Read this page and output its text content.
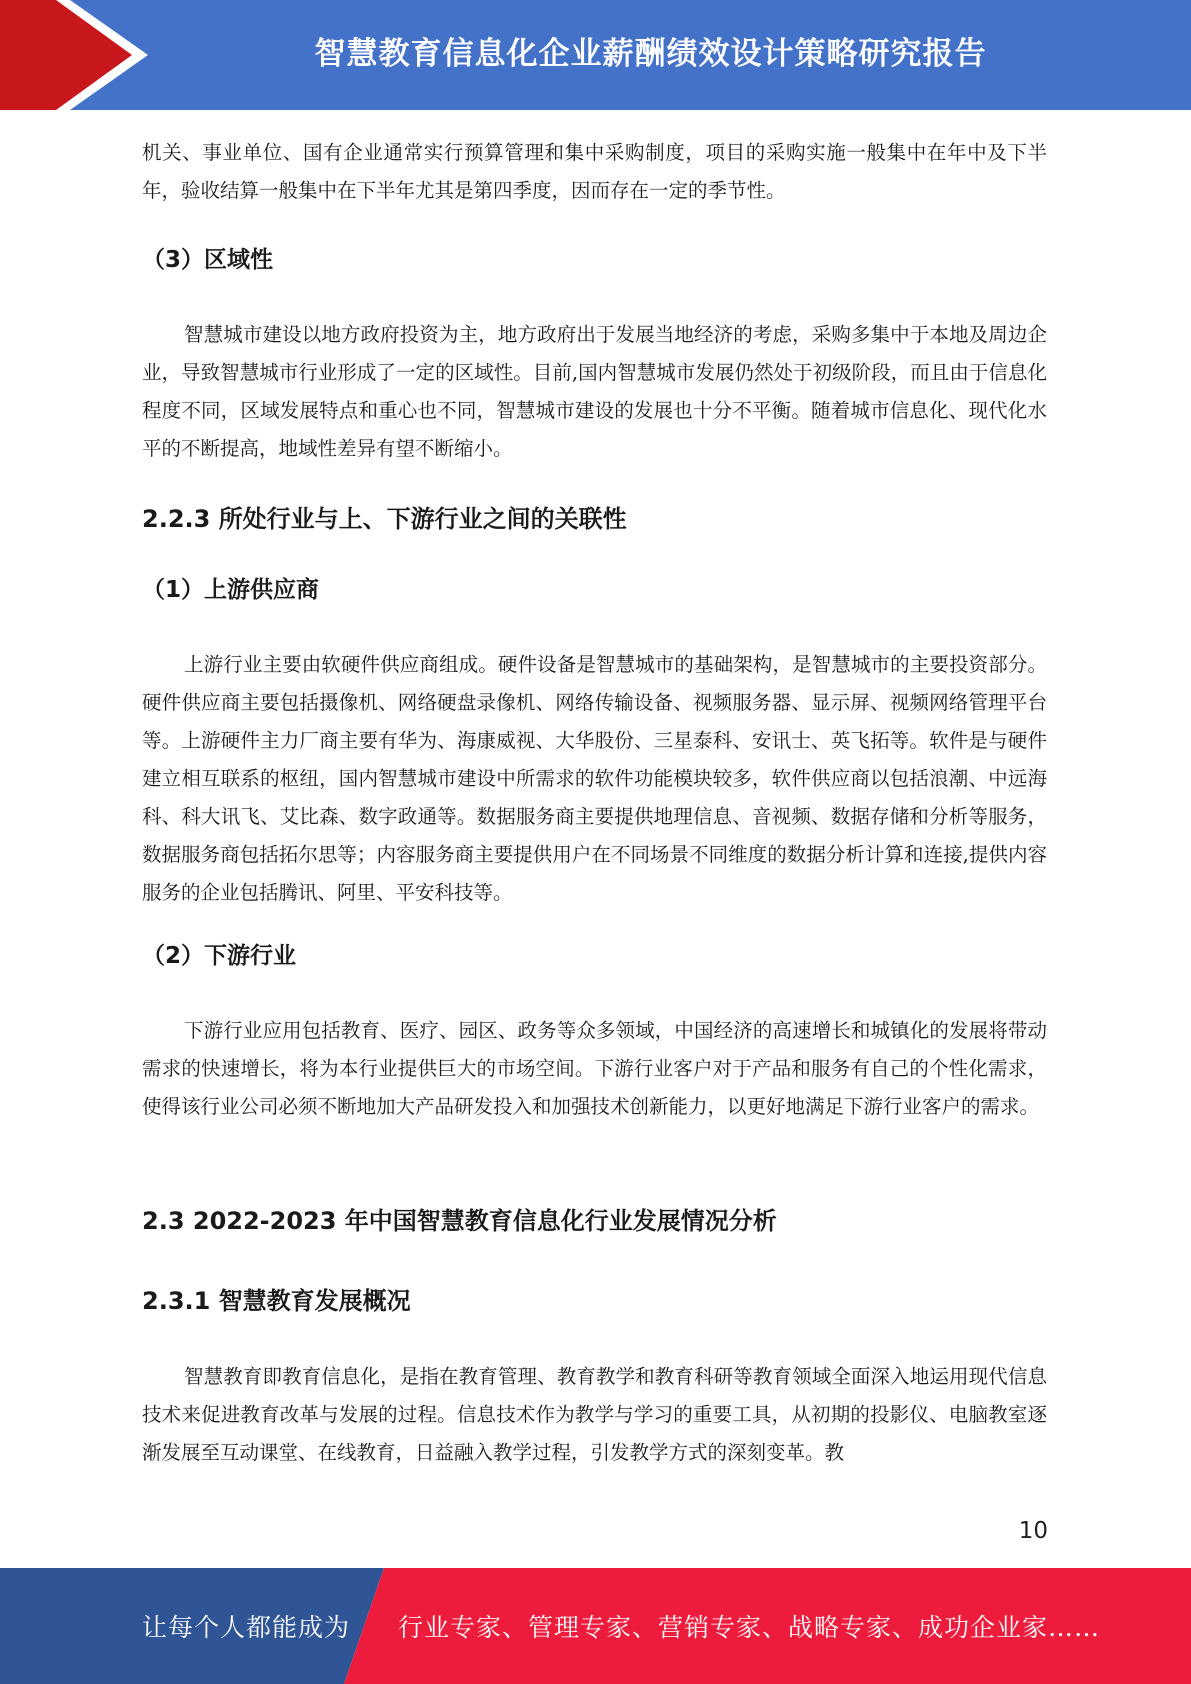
智慧教育信息化企业薪酬绩效设计策略研究报告

机关、事业单位、国有企业通常实行预算管理和集中采购制度，项目的采购实施一般集中在年中及下半年，验收结算一般集中在下半年尤其是第四季度，因而存在一定的季节性。

（3）区域性

智慧城市建设以地方政府投资为主，地方政府出于发展当地经济的考虑，采购多集中于本地及周边企业，导致智慧城市行业形成了一定的区域性。目前,国内智慧城市发展仍然处于初级阶段，而且由于信息化程度不同，区域发展特点和重心也不同，智慧城市建设的发展也十分不平衡。随着城市信息化、现代化水平的不断提高，地域性差异有望不断缩小。

2.2.3 所处行业与上、下游行业之间的关联性
（1）上游供应商

上游行业主要由软硬件供应商组成。硬件设备是智慧城市的基础架构，是智慧城市的主要投资部分。硬件供应商主要包括摄像机、网络硬盘录像机、网络传输设备、视频服务器、显示屏、视频网络管理平台等。上游硬件主力厂商主要有华为、海康威视、大华股份、三星泰科、安讯士、英飞拓等。软件是与硬件建立相互联系的枢纽，国内智慧城市建设中所需求的软件功能模块较多，软件供应商以包括浪潮、中远海科、科大讯飞、艾比森、数字政通等。数据服务商主要提供地理信息、音视频、数据存储和分析等服务，数据服务商包括拓尔思等；内容服务商主要提供用户在不同场景不同维度的数据分析计算和连接,提供内容服务的企业包括腾讯、阿里、平安科技等。

（2）下游行业

下游行业应用包括教育、医疗、园区、政务等众多领域，中国经济的高速增长和城镇化的发展将带动需求的快速增长，将为本行业提供巨大的市场空间。下游行业客户对于产品和服务有自己的个性化需求，使得该行业公司必须不断地加大产品研发投入和加强技术创新能力，以更好地满足下游行业客户的需求。

2.3 2022-2023 年中国智慧教育信息化行业发展情况分析
2.3.1 智慧教育发展概况

智慧教育即教育信息化，是指在教育管理、教育教学和教育科研等教育领域全面深入地运用现代信息技术来促进教育改革与发展的过程。信息技术作为教学与学习的重要工具，从初期的投影仪、电脑教室逐渐发展至互动课堂、在线教育，日益融入教学过程，引发教学方式的深刻变革。教

10
让每个人都能成为 行业专家、管理专家、营销专家、战略专家、成功企业家……
